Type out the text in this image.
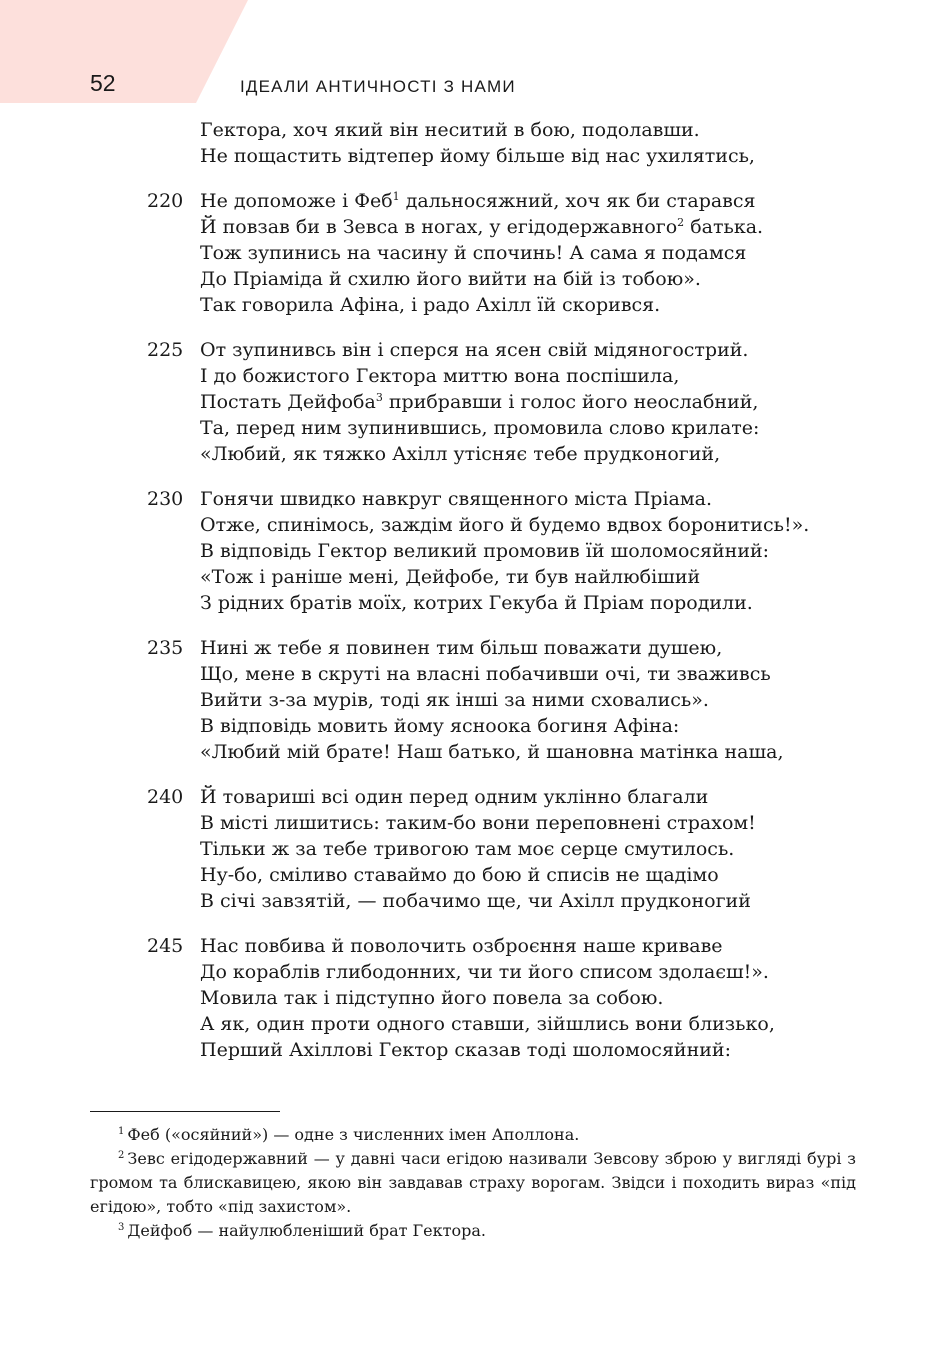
52	ІДЕАЛИ АНТИЧНОСТІ З НАМИ
Гектора, хоч який він неситий в бою, подолавши.
Не пощастить відтепер йому більше від нас ухилятись,
220 Не допоможе і Феб$^1$ дальносяжний, хоч як би старався
Й повзав би в Зевса в ногах, у егідодержавного$^2$ батька.
Тож зупинись на часину й спочинь! А сама я подамся
До Пріаміда й схилю його вийти на бій із тобою».
Так говорила Афіна, і радо Ахілл їй скорився.
225 От зупинивсь він і сперся на ясен свій мідяногострий.
І до божистого Гектора миттю вона поспішила,
Постать Дейфоба$^3$ прибравши і голос його неослабний,
Та, перед ним зупинившись, промовила слово крилате:
«Любий, як тяжко Ахілл утісняє тебе прудконогий,
230 Гонячи швидко навкруг священного міста Пріама.
Отже, спинімось, заждім його й будемо вдвох боронитись!».
В відповідь Гектор великий промовив їй шоломосяйний:
«Тож і раніше мені, Дейфобе, ти був найлюбіший
З рідних братів моїх, котрих Гекуба й Пріам породили.
235 Нині ж тебе я повинен тим більш поважати душею,
Що, мене в скруті на власні побачивши очі, ти зваживсь
Вийти з-за мурів, тоді як інші за ними сховались».
В відповідь мовить йому ясноока богиня Афіна:
«Любий мій брате! Наш батько, й шановна матінка наша,
240 Й товариші всі один перед одним уклінно благали
В місті лишитись: таким-бо вони переповнені страхом!
Тільки ж за тебе тривогою там моє серце смутилось.
Ну-бо, сміливо ставаймо до бою й списів не щадімо
В січі завзятій, — побачимо ще, чи Ахілл прудконогий
245 Нас повбива й поволочить озброєння наше криваве
До кораблів глибодонних, чи ти його списом здолаєш!».
Мовила так і підступно його повела за собою.
А як, один проти одного ставши, зійшлись вони близько,
Перший Ахіллові Гектор сказав тоді шоломосяйний:
$^1$ Феб («осяйний») — одне з численних імен Аполлона.
$^2$ Зевс егідодержавний — у давні часи егідою називали Зевсову зброю у вигляді бурі з громом та блискавицею, якою він завдавав страху ворогам. Звідси і походить вираз «під егідою», тобто «під захистом».
$^3$ Дейфоб — найулюбленіший брат Гектора.
